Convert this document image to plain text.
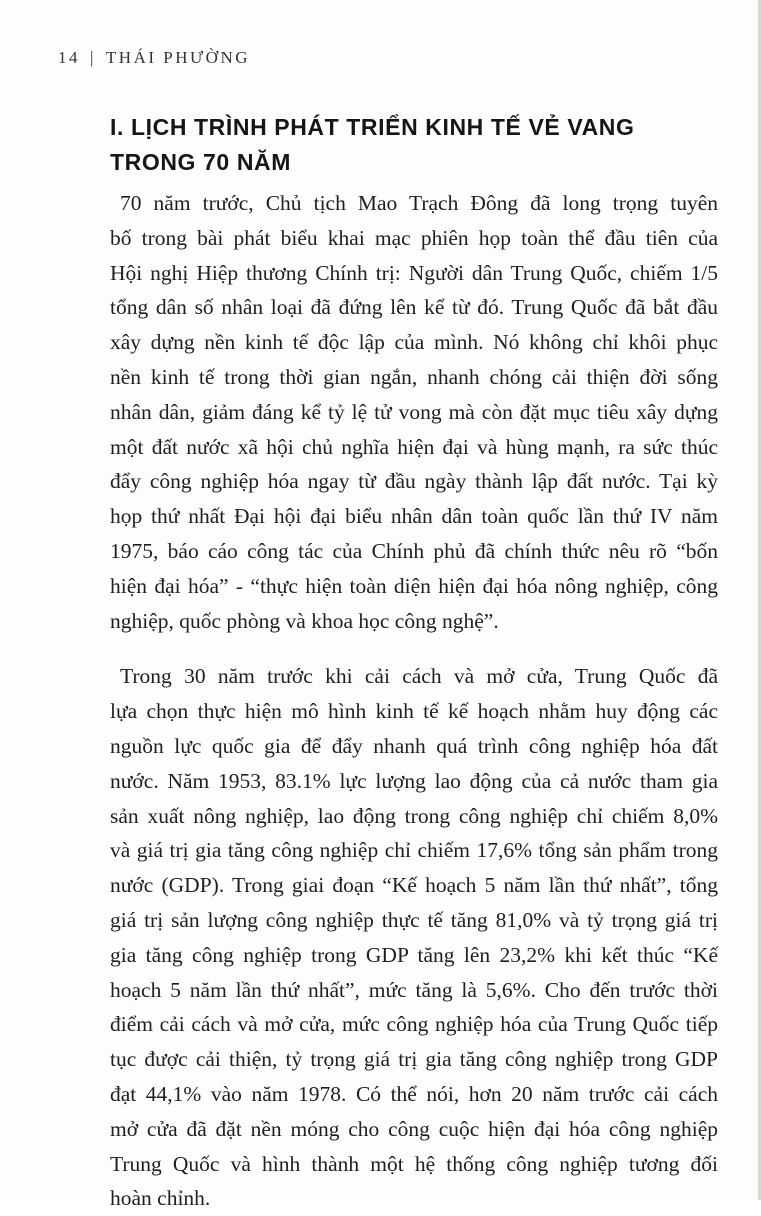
14 | THÁI PHƯỜNG
I. LỊCH TRÌNH PHÁT TRIỂN KINH TẾ VẺ VANG
TRONG 70 NĂM

70 năm trước, Chủ tịch Mao Trạch Đông đã long trọng tuyên
bố trong bài phát biểu khai mạc phiên họp toàn thể đầu tiên của
Hội nghị Hiệp thương Chính trị: Người dân Trung Quốc, chiếm 1/5
tổng dân số nhân loại đã đứng lên kể từ đó. Trung Quốc đã bắt đầu
xây dựng nền kinh tế độc lập của mình. Nó không chỉ khôi phục
nền kinh tế trong thời gian ngắn, nhanh chóng cải thiện đời sống
nhân dân, giảm đáng kể tỷ lệ tử vong mà còn đặt mục tiêu xây dựng
một đất nước xã hội chủ nghĩa hiện đại và hùng mạnh, ra sức thúc
đẩy công nghiệp hóa ngay từ đầu ngày thành lập đất nước. Tại kỳ
họp thứ nhất Đại hội đại biểu nhân dân toàn quốc lần thứ IV năm
1975, báo cáo công tác của Chính phủ đã chính thức nêu rõ “bốn
hiện đại hóa” - “thực hiện toàn diện hiện đại hóa nông nghiệp, công
nghiệp, quốc phòng và khoa học công nghệ”.

Trong 30 năm trước khi cải cách và mở cửa, Trung Quốc đã
lựa chọn thực hiện mô hình kinh tế kế hoạch nhằm huy động các
nguồn lực quốc gia để đẩy nhanh quá trình công nghiệp hóa đất
nước. Năm 1953, 83.1% lực lượng lao động của cả nước tham gia
sản xuất nông nghiệp, lao động trong công nghiệp chỉ chiếm 8,0%
và giá trị gia tăng công nghiệp chỉ chiếm 17,6% tổng sản phẩm trong
nước (GDP). Trong giai đoạn “Kế hoạch 5 năm lần thứ nhất”, tổng
giá trị sản lượng công nghiệp thực tế tăng 81,0% và tỷ trọng giá trị
gia tăng công nghiệp trong GDP tăng lên 23,2% khi kết thúc “Kế
hoạch 5 năm lần thứ nhất”, mức tăng là 5,6%. Cho đến trước thời
điểm cải cách và mở cửa, mức công nghiệp hóa của Trung Quốc tiếp
tục được cải thiện, tỷ trọng giá trị gia tăng công nghiệp trong GDP
đạt 44,1% vào năm 1978. Có thể nói, hơn 20 năm trước cải cách
mở cửa đã đặt nền móng cho công cuộc hiện đại hóa công nghiệp
Trung Quốc và hình thành một hệ thống công nghiệp tương đối
hoàn chỉnh.
